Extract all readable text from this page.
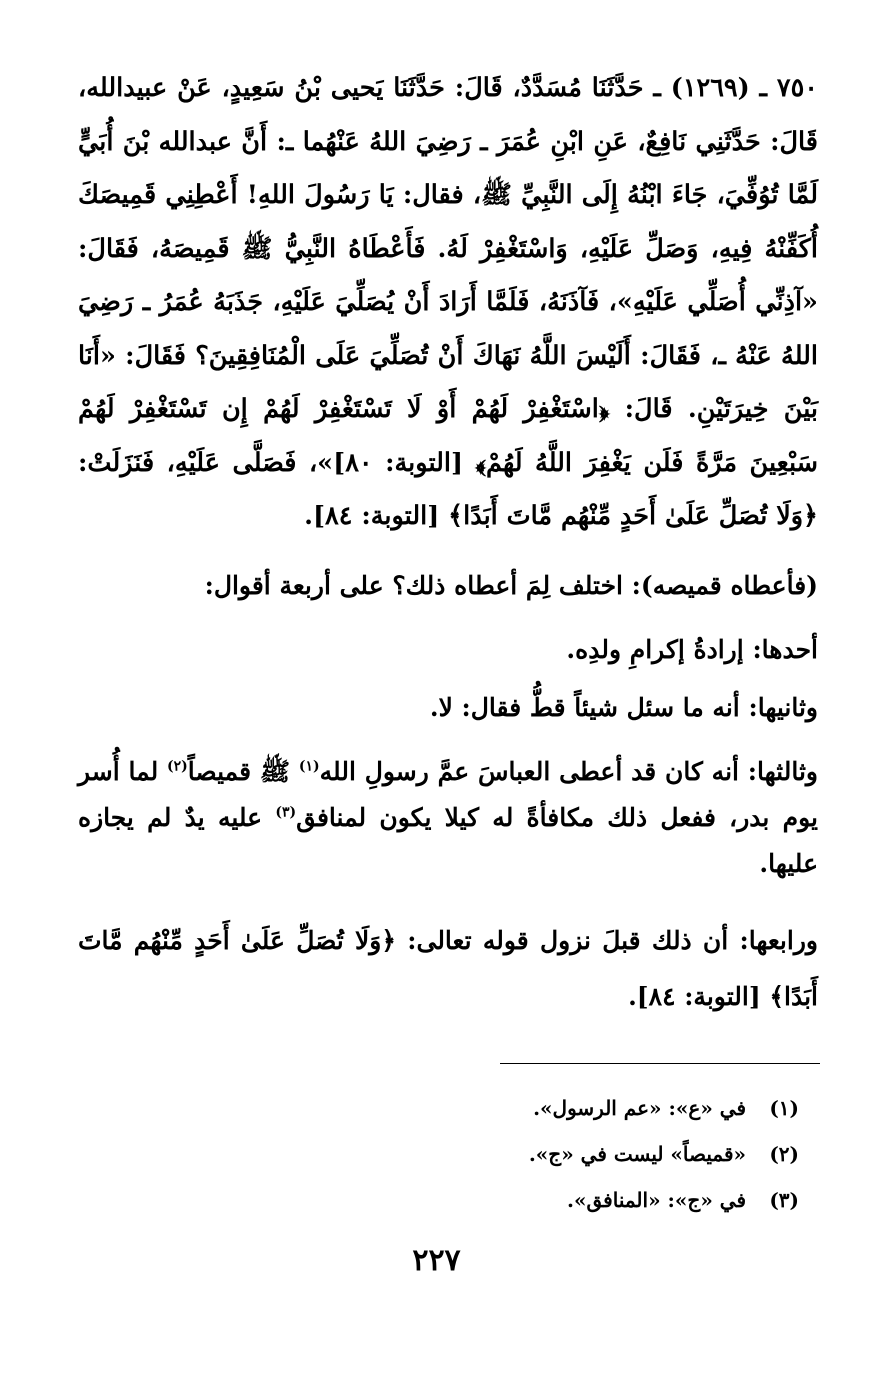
٧٥٠ ـ (١٢٦٩) ـ حَدَّثَنَا مُسَدَّدٌ، قَالَ: حَدَّثَنَا يَحيى بْنُ سَعِيدٍ، عَنْ عبيدالله، قَالَ: حَدَّثَنِي نَافِعٌ، عَنِ ابْنِ عُمَرَ ـ رَضِيَ اللهُ عَنْهُما ـ: أَنَّ عبدالله بْنَ أُبَيٍّ لَمَّا تُوُفِّيَ، جَاءَ ابْنُهُ إِلَى النَّبِيِّ ﷺ، فقال: يَا رَسُولَ اللهِ! أَعْطِنِي قَمِيصَكَ أُكَفِّنْهُ فِيهِ، وَصَلِّ عَلَيْهِ، وَاسْتَغْفِرْ لَهُ. فَأَعْطَاهُ النَّبِيُّ ﷺ قَمِيصَهُ، فَقَالَ: «آذِنِّي أُصَلِّي عَلَيْهِ»، فَآذَنَهُ، فَلَمَّا أَرَادَ أَنْ يُصَلِّيَ عَلَيْهِ، جَذَبَهُ عُمَرُ ـ رَضِيَ اللهُ عَنْهُ ـ، فَقَالَ: أَلَيْسَ اللَّهُ نَهَاكَ أَنْ تُصَلِّيَ عَلَى الْمُنَافِقِينَ؟ فَقَالَ: «أَنَا بَيْنَ خِيرَتَيْنِ. قَالَ: ﴿اسْتَغْفِرْ لَهُمْ أَوْ لَا تَسْتَغْفِرْ لَهُمْ إِن تَسْتَغْفِرْ لَهُمْ سَبْعِينَ مَرَّةً فَلَن يَغْفِرَ اللَّهُ لَهُمْ﴾ [التوبة: ٨٠]»، فَصَلَّى عَلَيْهِ، فَنَزَلَتْ: ﴿وَلَا تُصَلِّ عَلَىٰ أَحَدٍ مِّنْهُم مَّاتَ أَبَدًا﴾ [التوبة: ٨٤].
(فأعطاه قميصه): اختلف لِمَ أعطاه ذلك؟ على أربعة أقوال:
أحدها: إرادةُ إكرامِ ولدِه.
وثانيها: أنه ما سئل شيئاً قطُّ فقال: لا.
وثالثها: أنه كان قد أعطى العباسَ عمَّ رسولِ الله$^{(١)}$ ﷺ قميصاً$^{(٢)}$ لما أُسر يوم بدر، ففعل ذلك مكافأةً له كيلا يكون لمنافق$^{(٣)}$ عليه يدٌ لم يجازه عليها.
ورابعها: أن ذلك قبلَ نزول قوله تعالى: ﴿وَلَا تُصَلِّ عَلَىٰ أَحَدٍ مِّنْهُم مَّاتَ أَبَدًا﴾ [التوبة: ٨٤].
(١) في «ع»: «عم الرسول».
(٢) «قميصاً» ليست في «ج».
(٣) في «ج»: «المنافق».
٢٢٧
